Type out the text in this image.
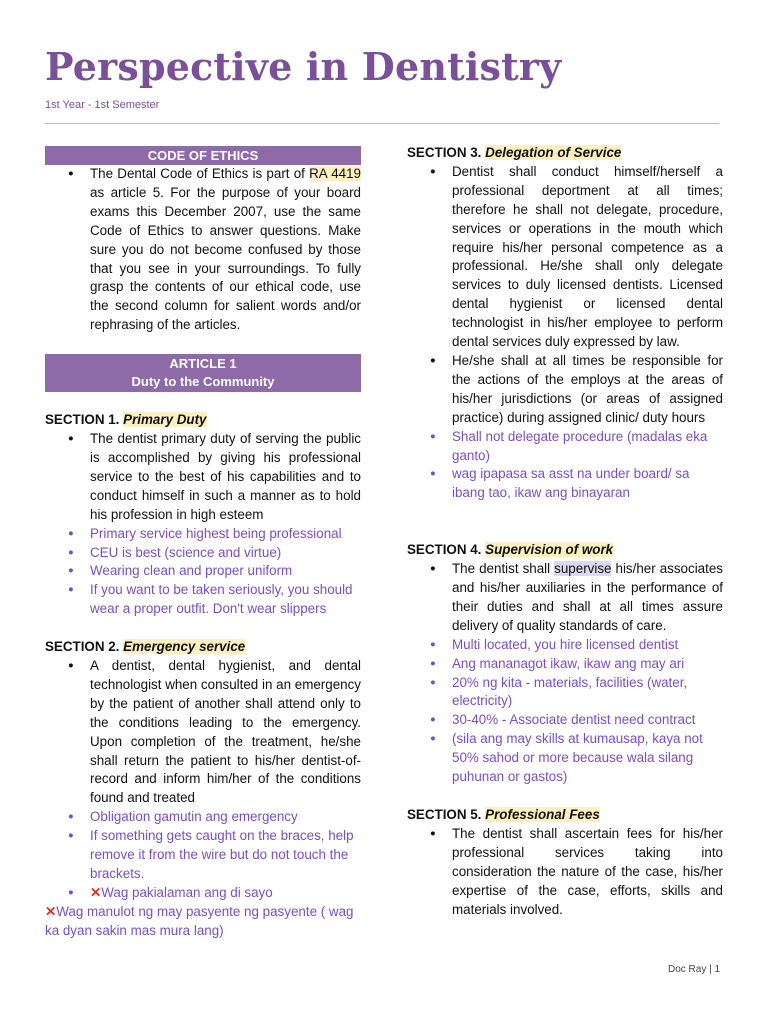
Perspective in Dentistry
1st Year - 1st Semester
CODE OF ETHICS
● The Dental Code of Ethics is part of RA 4419 as article 5. For the purpose of your board exams this December 2007, use the same Code of Ethics to answer questions. Make sure you do not become confused by those that you see in your surroundings. To fully grasp the contents of our ethical code, use the second column for salient words and/or rephrasing of the articles.
ARTICLE 1
Duty to the Community
SECTION 1. Primary Duty
● The dentist primary duty of serving the public is accomplished by giving his professional service to the best of his capabilities and to conduct himself in such a manner as to hold his profession in high esteem
● Primary service highest being professional
● CEU is best (science and virtue)
● Wearing clean and proper uniform
● If you want to be taken seriously, you should wear a proper outfit. Don't wear slippers
SECTION 2. Emergency service
● A dentist, dental hygienist, and dental technologist when consulted in an emergency by the patient of another shall attend only to the conditions leading to the emergency. Upon completion of the treatment, he/she shall return the patient to his/her dentist-of-record and inform him/her of the conditions found and treated
● Obligation gamutin ang emergency
● If something gets caught on the braces, help remove it from the wire but do not touch the brackets.
● ✕Wag pakialaman ang di sayo
✕Wag manulot ng may pasyente ng pasyente ( wag ka dyan sakin mas mura lang)
SECTION 3. Delegation of Service
● Dentist shall conduct himself/herself a professional deportment at all times; therefore he shall not delegate, procedure, services or operations in the mouth which require his/her personal competence as a professional. He/she shall only delegate services to duly licensed dentists. Licensed dental hygienist or licensed dental technologist in his/her employee to perform dental services duly expressed by law.
● He/she shall at all times be responsible for the actions of the employs at the areas of his/her jurisdictions (or areas of assigned practice) during assigned clinic/ duty hours
● Shall not delegate procedure (madalas eka ganto)
● wag ipapasa sa asst na under board/ sa ibang tao, ikaw ang binayaran
SECTION 4. Supervision of work
● The dentist shall supervise his/her associates and his/her auxiliaries in the performance of their duties and shall at all times assure delivery of quality standards of care.
● Multi located, you hire licensed dentist
● Ang mananagot ikaw, ikaw ang may ari
● 20% ng kita - materials, facilities (water, electricity)
● 30-40% - Associate dentist need contract
● (sila ang may skills at kumausap, kaya not 50% sahod or more because wala silang puhunan or gastos)
SECTION 5. Professional Fees
● The dentist shall ascertain fees for his/her professional services taking into consideration the nature of the case, his/her expertise of the case, efforts, skills and materials involved.
Doc Ray | 1
